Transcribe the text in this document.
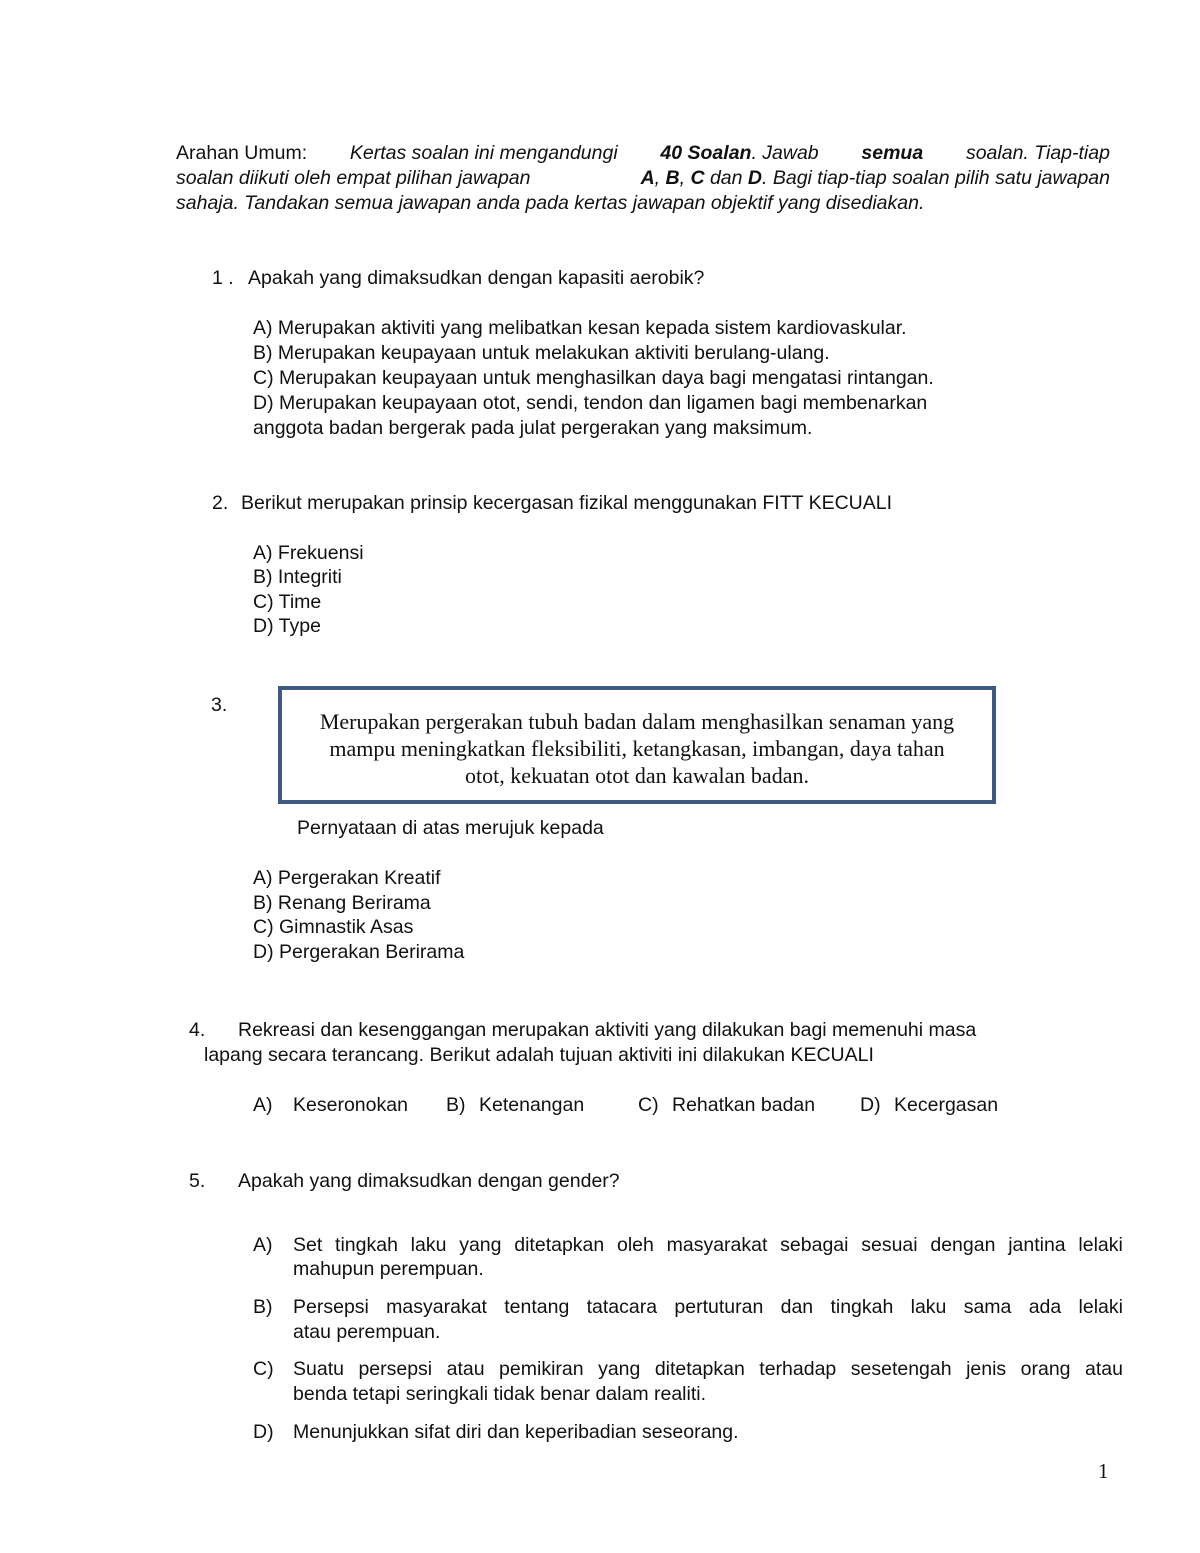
Arahan Umum: Kertas soalan ini mengandungi 40 Soalan. Jawab semua soalan. Tiap-tiap
soalan diikuti oleh empat pilihan jawapan	A, B, C dan D. Bagi tiap-tiap soalan pilih satu jawapan
sahaja. Tandakan semua jawapan anda pada kertas jawapan objektif yang disediakan.
1 . Apakah yang dimaksudkan dengan kapasiti aerobik?
A) Merupakan aktiviti yang melibatkan kesan kepada sistem kardiovaskular.
B) Merupakan keupayaan untuk melakukan aktiviti berulang-ulang.
C) Merupakan keupayaan untuk menghasilkan daya bagi mengatasi rintangan.
D) Merupakan keupayaan otot, sendi, tendon dan ligamen bagi membenarkan
anggota badan bergerak pada julat pergerakan yang maksimum.
2. Berikut merupakan prinsip kecergasan fizikal menggunakan FITT KECUALI
A) Frekuensi
B) Integriti
C) Time
D) Type
3.
Merupakan pergerakan tubuh badan dalam menghasilkan senaman yang
mampu meningkatkan fleksibiliti, ketangkasan, imbangan, daya tahan
otot, kekuatan otot dan kawalan badan.
Pernyataan di atas merujuk kepada
A) Pergerakan Kreatif
B) Renang Berirama
C) Gimnastik Asas
D) Pergerakan Berirama
4. Rekreasi dan kesenggangan merupakan aktiviti yang dilakukan bagi memenuhi masa
lapang secara terancang. Berikut adalah tujuan aktiviti ini dilakukan KECUALI
A) Keseronokan B) Ketenangan	C) Rehatkan badan D) Kecergasan
5. Apakah yang dimaksudkan dengan gender?
A) Set tingkah laku yang ditetapkan oleh masyarakat sebagai sesuai dengan jantina lelaki
mahupun perempuan.
B) Persepsi masyarakat tentang tatacara pertuturan dan tingkah laku sama ada lelaki
atau perempuan.
C) Suatu persepsi atau pemikiran yang ditetapkan terhadap sesetengah jenis orang atau
benda tetapi seringkali tidak benar dalam realiti.
D) Menunjukkan sifat diri dan keperibadian seseorang.
1
